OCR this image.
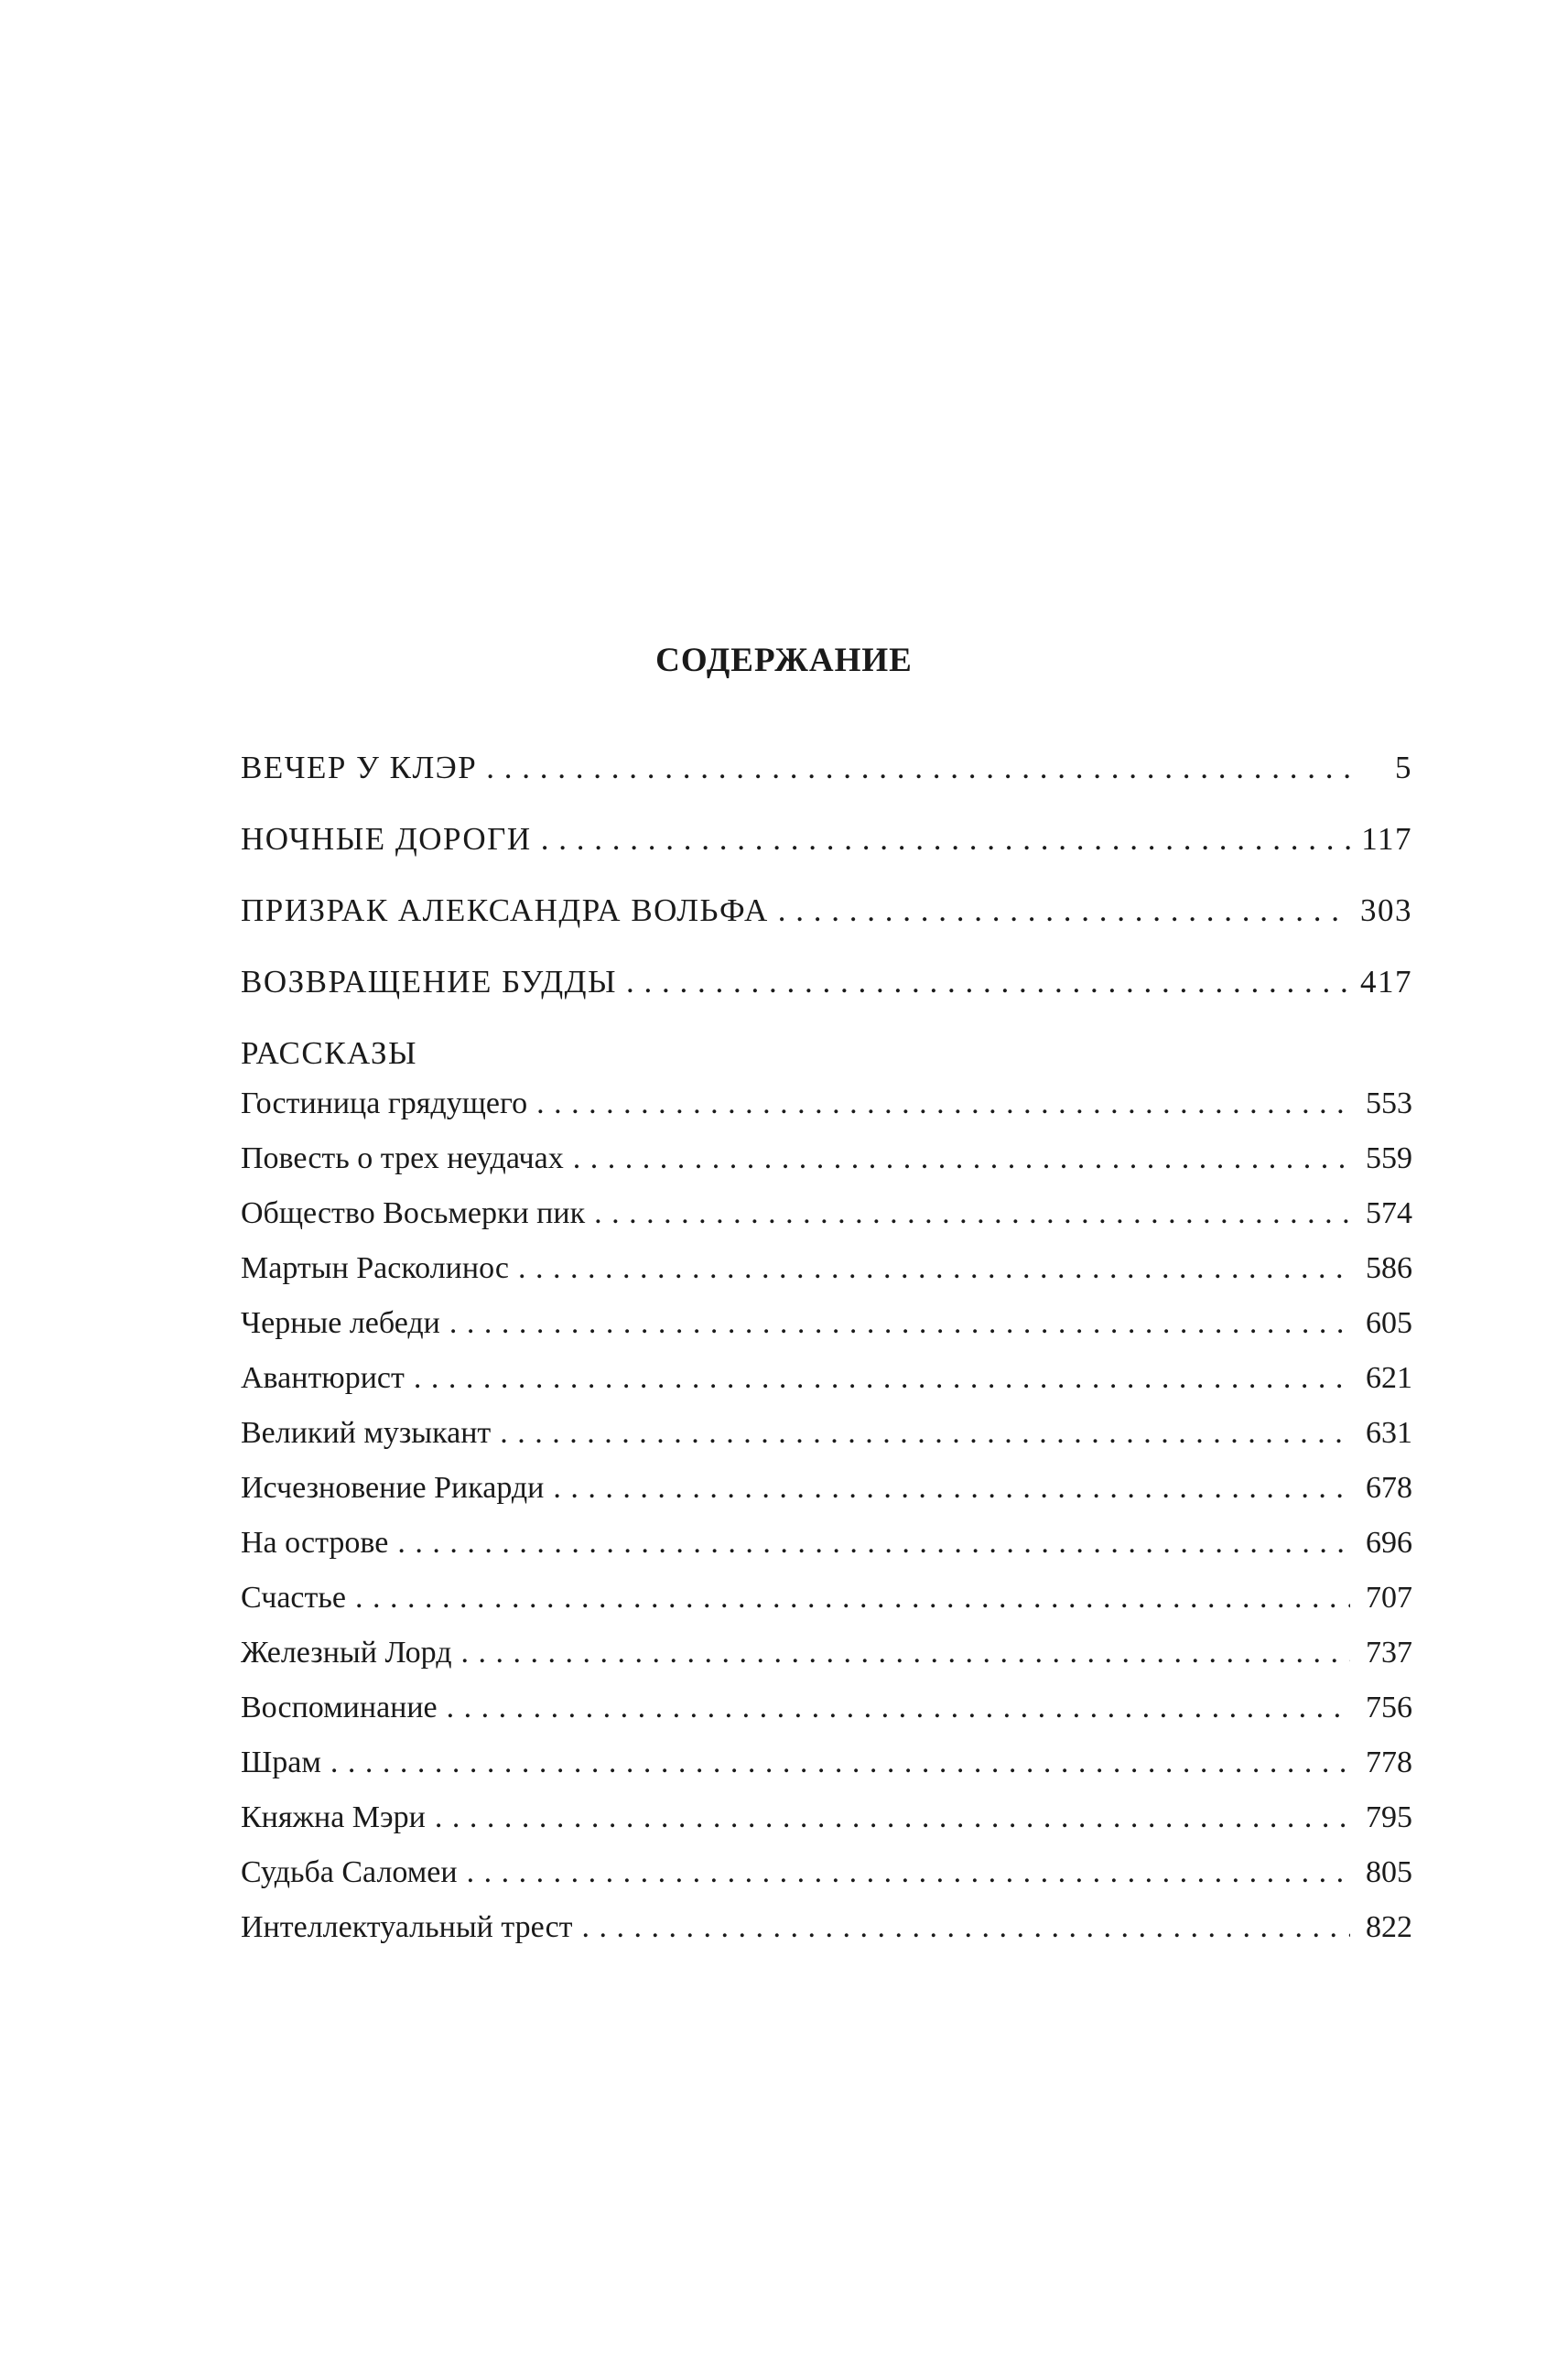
СОДЕРЖАНИЕ
ВЕЧЕР У КЛЭР . . .	5
НОЧНЫЕ ДОРОГИ . . .	117
ПРИЗРАК АЛЕКСАНДРА ВОЛЬФА . . .	303
ВОЗВРАЩЕНИЕ БУДДЫ . . .	417
РАССКАЗЫ
Гостиница грядущего . . .	553
Повесть о трех неудачах . . .	559
Общество Восьмерки пик . . .	574
Мартын Расколинос . . .	586
Черные лебеди . . .	605
Авантюрист . . .	621
Великий музыкант . . .	631
Исчезновение Рикарди . . .	678
На острове . . .	696
Счастье . . .	707
Железный Лорд . . .	737
Воспоминание . . .	756
Шрам . . .	778
Княжна Мэри . . .	795
Судьба Саломеи . . .	805
Интеллектуальный трест . . .	822
